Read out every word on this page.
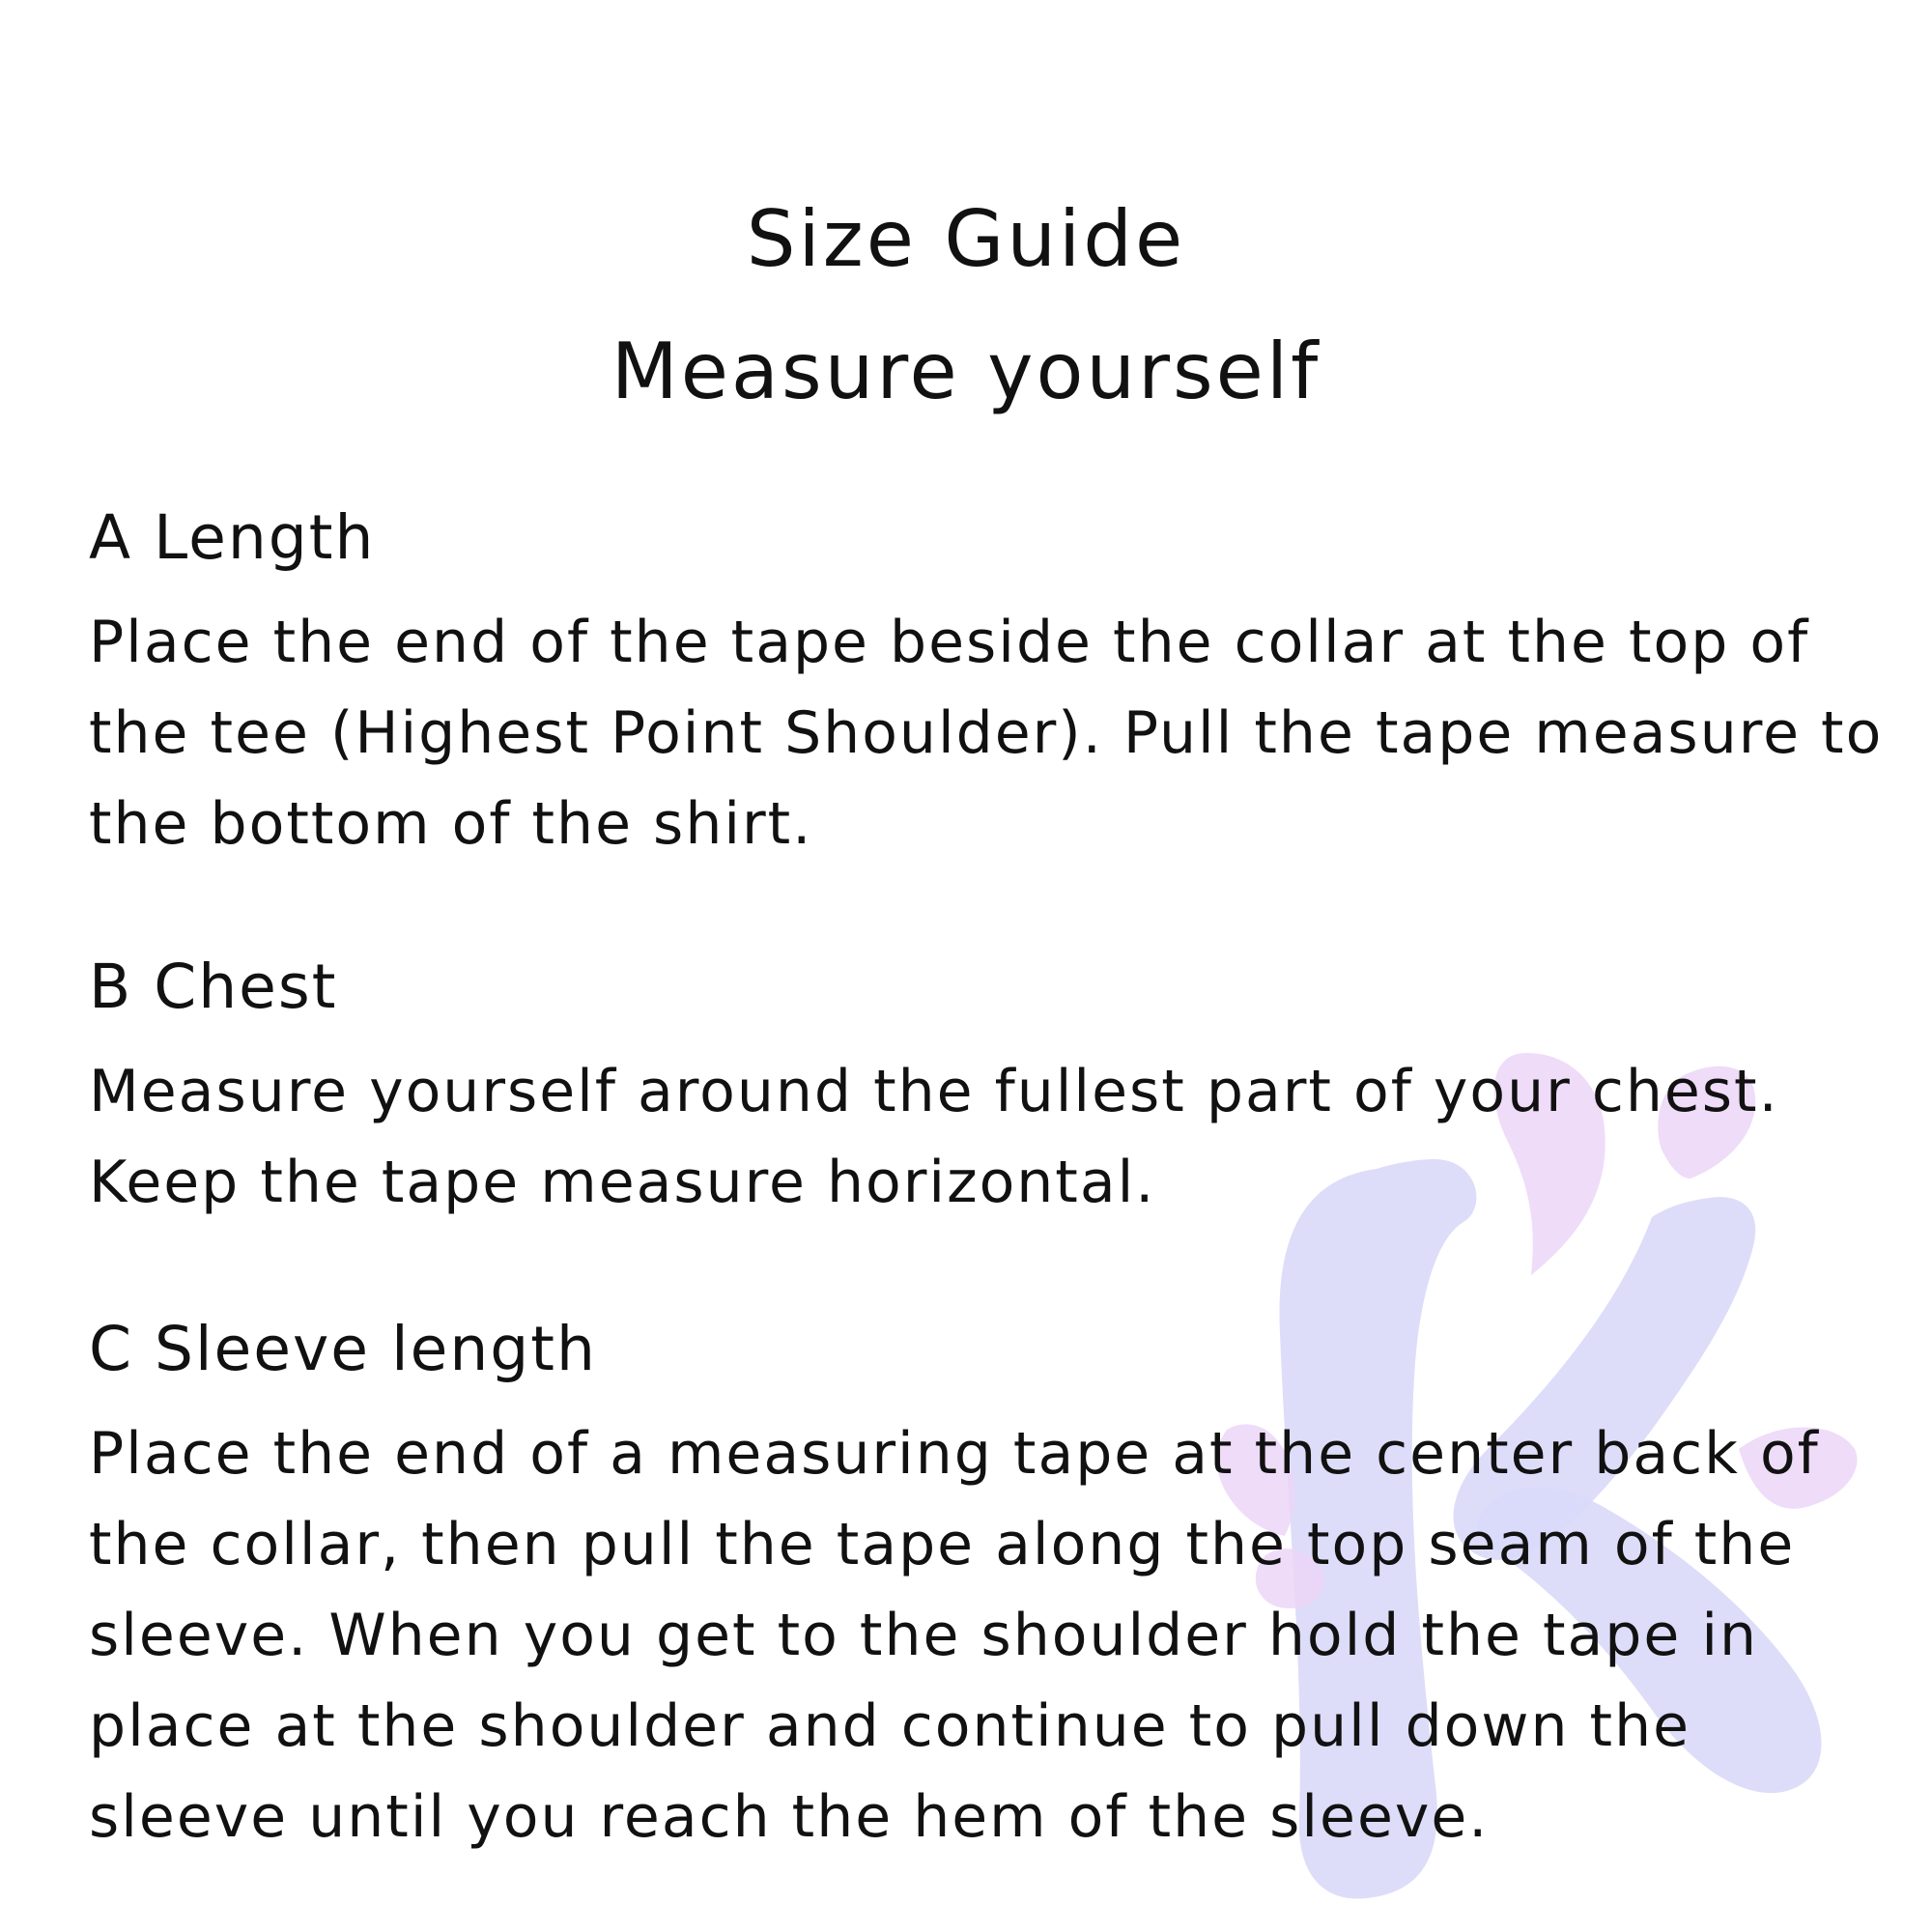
Size Guide
Measure yourself
A Length

Place the end of the tape beside the collar at the top of the tee (Highest Point Shoulder). Pull the tape measure to the bottom of the shirt.

B Chest

Measure yourself around the fullest part of your chest. Keep the tape measure horizontal.

C Sleeve length

Place the end of a measuring tape at the center back of the collar, then pull the tape along the top seam of the sleeve. When you get to the shoulder hold the tape in place at the shoulder and continue to pull down the sleeve until you reach the hem of the sleeve.
